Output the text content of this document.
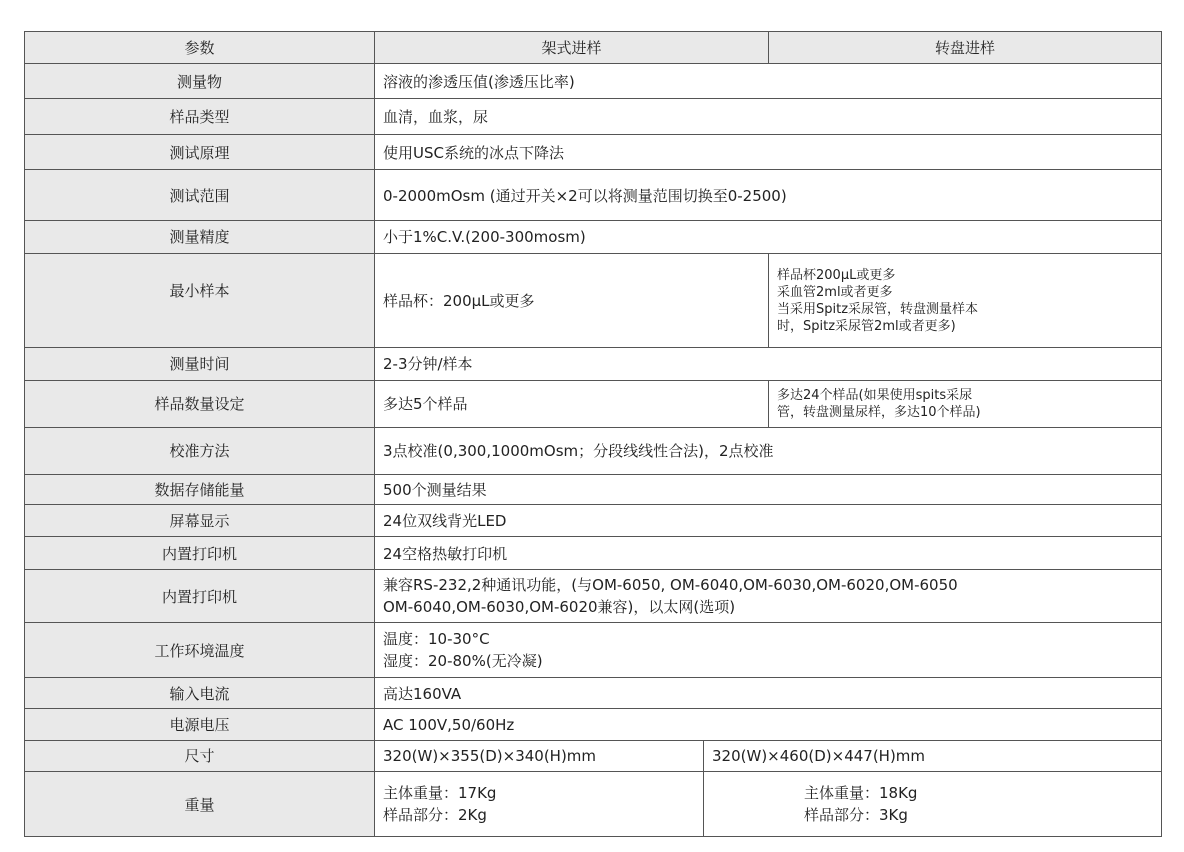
参数	架式进样		转盘进样
测量物	溶液的渗透压值(渗透压比率)		
样品类型	血清，血浆，尿		
测试原理	使用USC系统的冰点下降法		
测试范围	0-2000mOsm (通过开关×2可以将测量范围切换至0-2500)		
测量精度	小于1%C.V.(200-300mosm)		
最小样本	样品杯：200μL或更多		样品杯200μL或更多
采血管2ml或者更多
当采用Spitz采尿管，转盘测量样本
时，Spitz采尿管2ml或者更多)

测量时间	2-3分钟/样本		
样品数量设定	多达5个样品		多达24个样品(如果使用spits采尿
管，转盘测量尿样，多达10个样品)

校准方法	3点校准(0,300,1000mOsm；分段线线性合法)，2点校准		
数据存储能量	500个测量结果		
屏幕显示	24位双线背光LED		
内置打印机	24空格热敏打印机		
内置打印机	兼容RS-232,2种通讯功能，(与OM-6050, OM-6040,OM-6030,OM-6020,OM-6050
OM-6040,OM-6030,OM-6020兼容)，以太网(选项)		

工作环境温度	温度：10-30°C
湿度：20-80%(无冷凝)		

输入电流	高达160VA		
电源电压	AC 100V,50/60Hz		
尺寸	320(W)×355(D)×340(H)mm	320(W)×460(D)×447(H)mm	
重量	主体重量：17Kg
样品部分：2Kg	主体重量：18Kg
样品部分：3Kg	
